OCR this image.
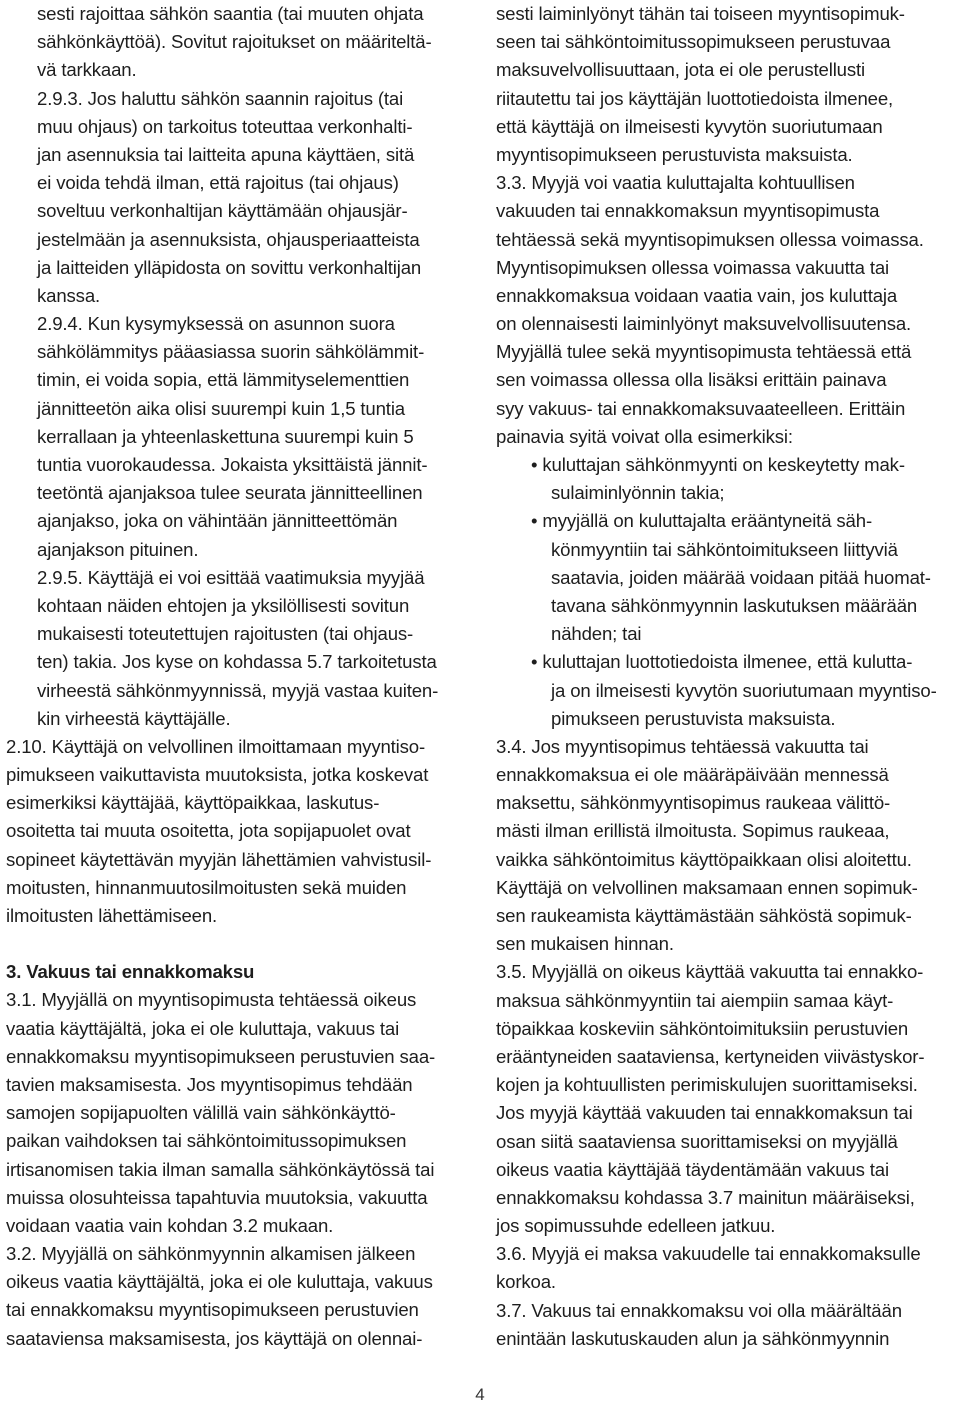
sesti rajoittaa sähkön saantia (tai muuten ohjata
sähkönkäyttöä). Sovitut rajoitukset on määriteltä-
vä tarkkaan.
2.9.3. Jos haluttu sähkön saannin rajoitus (tai
muu ohjaus) on tarkoitus toteuttaa verkonhalti-
jan asennuksia tai laitteita apuna käyttäen, sitä
ei voida tehdä ilman, että rajoitus (tai ohjaus)
soveltuu verkonhaltijan käyttämään ohjausjär-
jestelmään ja asennuksista, ohjausperiaatteista
ja laitteiden ylläpidosta on sovittu verkonhaltijan
kanssa.
2.9.4. Kun kysymyksessä on asunnon suora
sähkölämmitys pääasiassa suorin sähkölämmit-
timin, ei voida sopia, että lämmityselementtien
jännitteetön aika olisi suurempi kuin 1,5 tuntia
kerrallaan ja yhteenlaskettuna suurempi kuin 5
tuntia vuorokaudessa. Jokaista yksittäistä jännit-
teetöntä ajanjaksoa tulee seurata jännitteellinen
ajanjakso, joka on vähintään jännitteettömän
ajanjakson pituinen.
2.9.5. Käyttäjä ei voi esittää vaatimuksia myyjää
kohtaan näiden ehtojen ja yksilöllisesti sovitun
mukaisesti toteutettujen rajoitusten (tai ohjaus-
ten) takia. Jos kyse on kohdassa 5.7 tarkoitetusta
virheestä sähkönmyynnissä, myyjä vastaa kuiten-
kin virheestä käyttäjälle.
2.10. Käyttäjä on velvollinen ilmoittamaan myyntiso-
pimukseen vaikuttavista muutoksista, jotka koskevat
esimerkiksi käyttäjää, käyttöpaikkaa, laskutus-
osoitetta tai muuta osoitetta, jota sopijapuolet ovat
sopineet käytettävän myyjän lähettämien vahvistusil-
moitusten, hinnanmuutosilmoitusten sekä muiden
ilmoitusten lähettämiseen.
3. Vakuus tai ennakkomaksu
3.1. Myyjällä on myyntisopimusta tehtäessä oikeus
vaatia käyttäjältä, joka ei ole kuluttaja, vakuus tai
ennakkomaksu myyntisopimukseen perustuvien saa-
tavien maksamisesta. Jos myyntisopimus tehdään
samojen sopijapuolten välillä vain sähkönkäyttö-
paikan vaihdoksen tai sähköntoimitussopimuksen
irtisanomisen takia ilman samalla sähkönkäytössä tai
muissa olosuhteissa tapahtuvia muutoksia, vakuutta
voidaan vaatia vain kohdan 3.2 mukaan.
3.2. Myyjällä on sähkönmyynnin alkamisen jälkeen
oikeus vaatia käyttäjältä, joka ei ole kuluttaja, vakuus
tai ennakkomaksu myyntisopimukseen perustuvien
saataviensa maksamisesta, jos käyttäjä on olennai-
sesti laiminlyönyt tähän tai toiseen myyntisopimuk-
seen tai sähköntoimitussopimukseen perustuvaa
maksuvelvollisuuttaan, jota ei ole perustellusti
riitautettu tai jos käyttäjän luottotiedoista ilmenee,
että käyttäjä on ilmeisesti kyvytön suoriutumaan
myyntisopimukseen perustuvista maksuista.
3.3. Myyjä voi vaatia kuluttajalta kohtuullisen
vakuuden tai ennakkomaksun myyntisopimusta
tehtäessä sekä myyntisopimuksen ollessa voimassa.
Myyntisopimuksen ollessa voimassa vakuutta tai
ennakkomaksua voidaan vaatia vain, jos kuluttaja
on olennaisesti laiminlyönyt maksuvelvollisuutensa.
Myyjällä tulee sekä myyntisopimusta tehtäessä että
sen voimassa ollessa olla lisäksi erittäin painava
syy vakuus- tai ennakkomaksuvaateelleen. Erittäin
painavia syitä voivat olla esimerkiksi:
• kuluttajan sähkönmyynti on keskeytetty mak-
sulaiminlyönnin takia;
• myyjällä on kuluttajalta erääntyneitä säh-
könmyyntiin tai sähköntoimitukseen liittyviä
saatavia, joiden määrää voidaan pitää huomat-
tavana sähkönmyynnin laskutuksen määrään
nähden; tai
• kuluttajan luottotiedoista ilmenee, että kulutta-
ja on ilmeisesti kyvytön suoriutumaan myyntiso-
pimukseen perustuvista maksuista.
3.4. Jos myyntisopimus tehtäessä vakuutta tai
ennakkomaksua ei ole määräpäivään mennessä
maksettu, sähkönmyyntisopimus raukeaa välittö-
mästi ilman erillistä ilmoitusta. Sopimus raukeaa,
vaikka sähköntoimitus käyttöpaikkaan olisi aloitettu.
Käyttäjä on velvollinen maksamaan ennen sopimuk-
sen raukeamista käyttämästään sähköstä sopimuk-
sen mukaisen hinnan.
3.5. Myyjällä on oikeus käyttää vakuutta tai ennakko-
maksua sähkönmyyntiin tai aiempiin samaa käyt-
töpaikkaa koskeviin sähköntoimituksiin perustuvien
erääntyneiden saataviensa, kertyneiden viivästyskor-
kojen ja kohtuullisten perimiskulujen suorittamiseksi.
Jos myyjä käyttää vakuuden tai ennakkomaksun tai
osan siitä saataviensa suorittamiseksi on myyjällä
oikeus vaatia käyttäjää täydentämään vakuus tai
ennakkomaksu kohdassa 3.7 mainitun määräiseksi,
jos sopimussuhde edelleen jatkuu.
3.6. Myyjä ei maksa vakuudelle tai ennakkomaksulle
korkoa.
3.7. Vakuus tai ennakkomaksu voi olla määrältään
enintään laskutuskauden alun ja sähkönmyynnin
4
